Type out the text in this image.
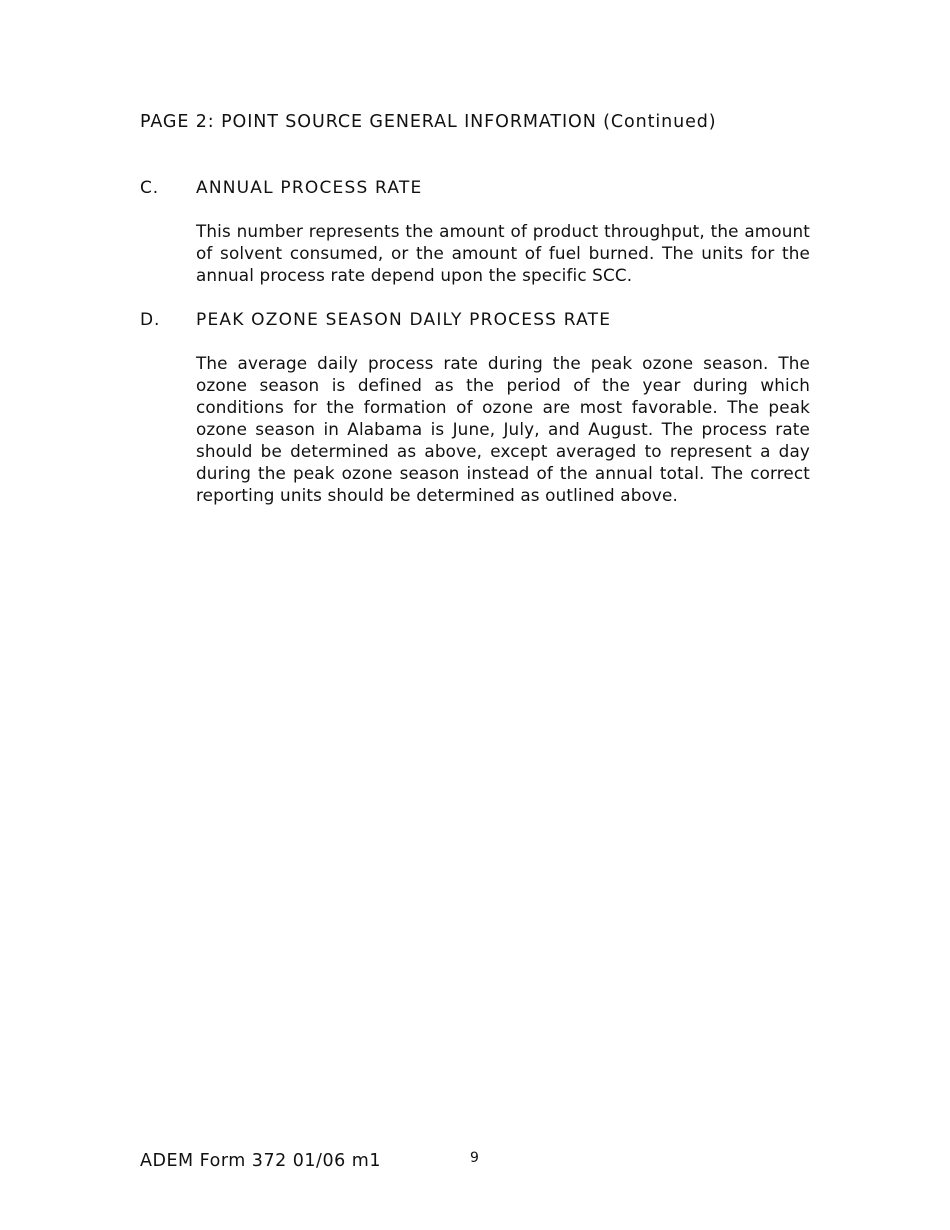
PAGE 2: POINT SOURCE GENERAL INFORMATION (Continued)
C. ANNUAL PROCESS RATE

This number represents the amount of product throughput, the amount of solvent consumed, or the amount of fuel burned. The units for the annual process rate depend upon the specific SCC.

D. PEAK OZONE SEASON DAILY PROCESS RATE

The average daily process rate during the peak ozone season. The ozone season is defined as the period of the year during which conditions for the formation of ozone are most favorable. The peak ozone season in Alabama is June, July, and August. The process rate should be determined as above, except averaged to represent a day during the peak ozone season instead of the annual total. The correct reporting units should be determined as outlined above.

ADEM Form 372 01/06 m1	9
